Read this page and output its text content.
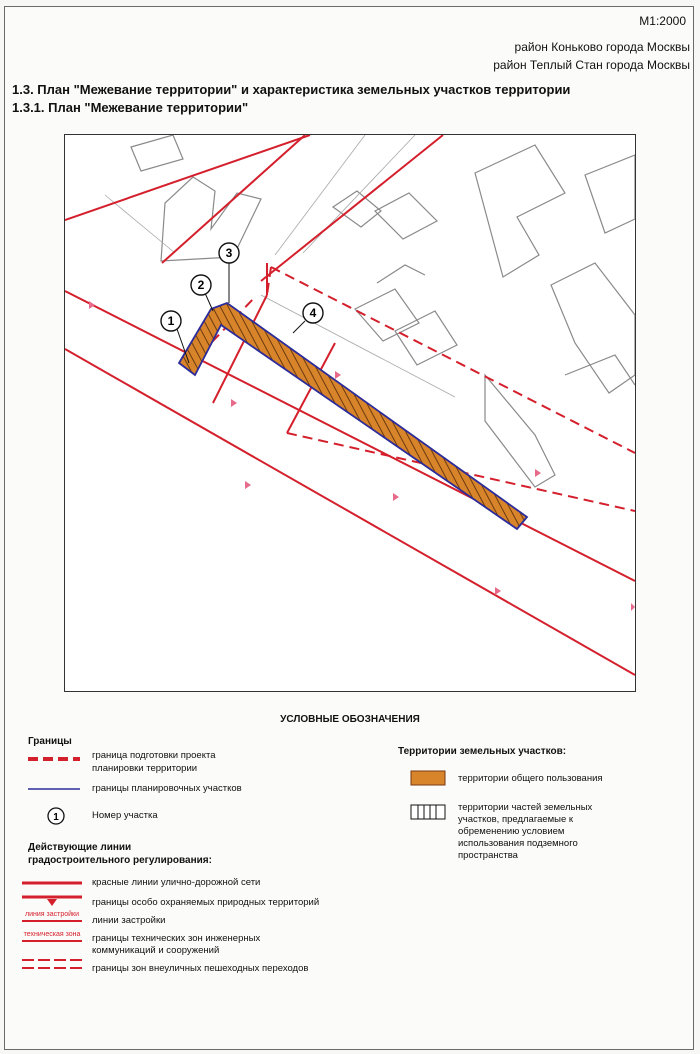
М1:2000
район Коньково города Москвы
район Теплый Стан города Москвы
1.3. План "Межевание территории" и характеристика земельных участков территории
1.3.1. План "Межевание территории"
1
2
3
4
УСЛОВНЫЕ ОБОЗНАЧЕНИЯ
Границы
граница подготовки проекта
планировки территории
границы планировочных участков
1	Номер участка
Действующие линии
градостроительного регулирования:
красные линии улично-дорожной сети
границы особо охраняемых природных территорий
линия застройки
линии застройки
техническая зона границы технических зон инженерных
коммуникаций и сооружений
границы зон внеуличных пешеходных переходов
Территории земельных участков:
территории общего пользования
территории частей земельных
участков, предлагаемые к
обременению условием
использования подземного
пространства
